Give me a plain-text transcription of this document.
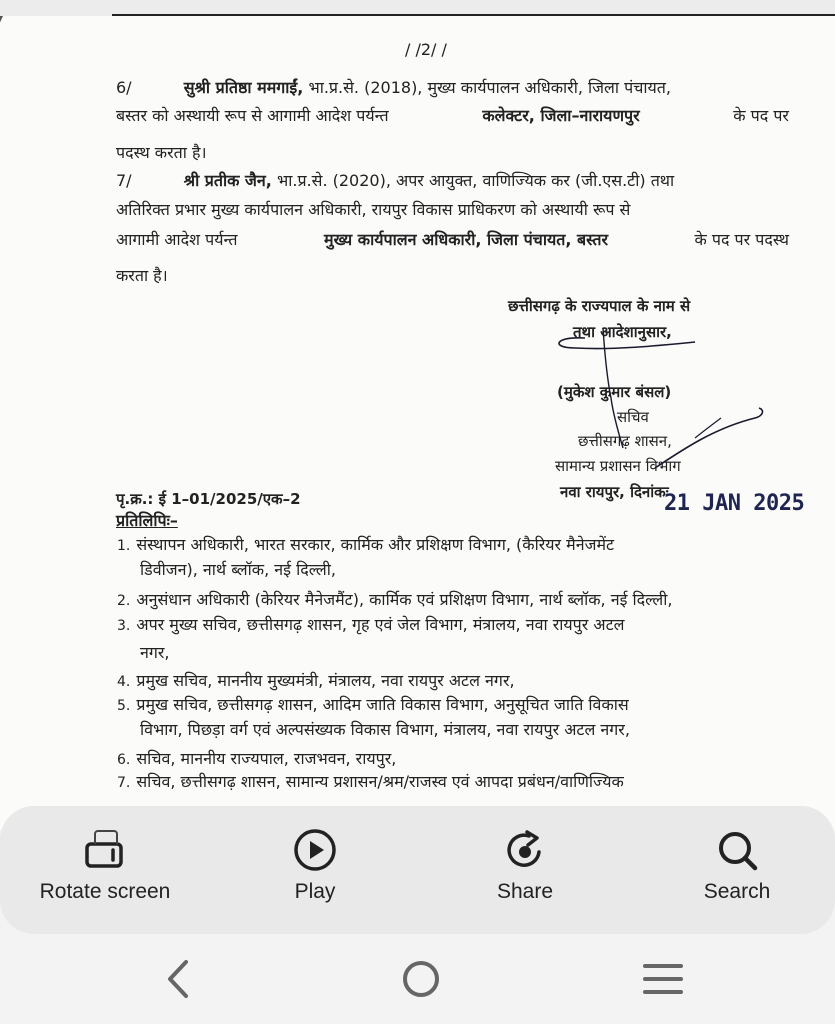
/ /2/ /
6/	सुश्री प्रतिष्ठा ममगाईं, भा.प्र.से. (2018), मुख्य कार्यपालन अधिकारी, जिला पंचायत,
बस्तर को अस्थायी रूप से आगामी आदेश पर्यन्त	कलेक्टर, जिला–नारायणपुर	के पद पर
पदस्थ करता है।
7/	श्री प्रतीक जैन, भा.प्र.से. (2020), अपर आयुक्त, वाणिज्यिक कर (जी.एस.टी) तथा
अतिरिक्त प्रभार मुख्य कार्यपालन अधिकारी, रायपुर विकास प्राधिकरण को अस्थायी रूप से
आगामी आदेश पर्यन्त	मुख्य कार्यपालन अधिकारी, जिला पंचायत, बस्तर	के पद पर पदस्थ
करता है।
छत्तीसगढ़ के राज्यपाल के नाम से
तथा आदेशानुसार,
(मुकेश कुमार बंसल)
सचिव
छत्तीसगढ़ शासन,
सामान्य प्रशासन विभाग
नवा रायपुर, दिनांकः
21 JAN 2025
पृ.क्र.: ई 1–01/2025/एक–2
प्रतिलिपिः–
1. संस्थापन अधिकारी, भारत सरकार, कार्मिक और प्रशिक्षण विभाग, (कैरियर मैनेजमेंट
डिवीजन), नार्थ ब्लॉक, नई दिल्ली,
2. अनुसंधान अधिकारी (केरियर मैनेजमैंट), कार्मिक एवं प्रशिक्षण विभाग, नार्थ ब्लॉक, नई दिल्ली,
3. अपर मुख्य सचिव, छत्तीसगढ़ शासन, गृह एवं जेल विभाग, मंत्रालय, नवा रायपुर अटल
नगर,
4. प्रमुख सचिव, माननीय मुख्यमंत्री, मंत्रालय, नवा रायपुर अटल नगर,
5. प्रमुख सचिव, छत्तीसगढ़ शासन, आदिम जाति विकास विभाग, अनुसूचित जाति विकास
विभाग, पिछड़ा वर्ग एवं अल्पसंख्यक विकास विभाग, मंत्रालय, नवा रायपुर अटल नगर,
6. सचिव, माननीय राज्यपाल, राजभवन, रायपुर,
7. सचिव, छत्तीसगढ़ शासन, सामान्य प्रशासन/श्रम/राजस्व एवं आपदा प्रबंधन/वाणिज्यिक
Rotate screen	Play	Share	Search
